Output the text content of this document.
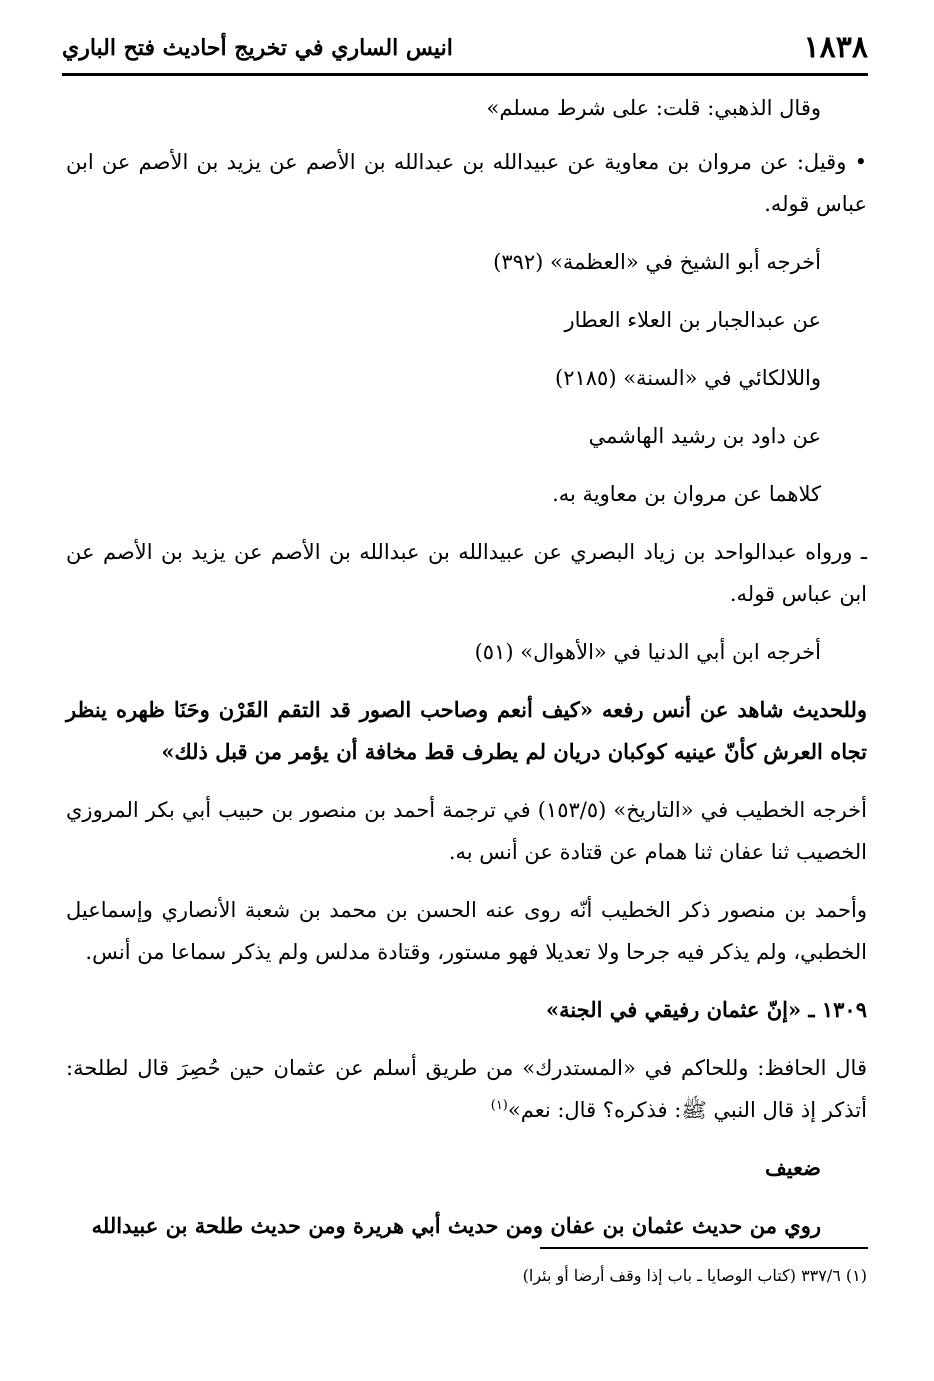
١٨٣٨
انيس الساري في تخريج أحاديث فتح الباري

وقال الذهبي: قلت: على شرط مسلم»

• وقيل: عن مروان بن معاوية عن عبيدالله بن عبدالله بن الأصم عن يزيد بن الأصم عن ابن عباس قوله.

أخرجه أبو الشيخ في «العظمة» (٣٩٢)

عن عبدالجبار بن العلاء العطار

واللالكائي في «السنة» (٢١٨٥)

عن داود بن رشيد الهاشمي

كلاهما عن مروان بن معاوية به.

ـ ورواه عبدالواحد بن زياد البصري عن عبيدالله بن عبدالله بن الأصم عن يزيد بن الأصم عن ابن عباس قوله.

أخرجه ابن أبي الدنيا في «الأهوال» (٥١)

وللحديث شاهد عن أنس رفعه «كيف أنعم وصاحب الصور قد التقم القَرْن وحَنَا ظهره ينظر تجاه العرش كأنّ عينيه كوكبان دريان لم يطرف قط مخافة أن يؤمر من قبل ذلك»

أخرجه الخطيب في «التاريخ» (١٥٣/٥) في ترجمة أحمد بن منصور بن حبيب أبي بكر المروزي الخصيب ثنا عفان ثنا همام عن قتادة عن أنس به.

وأحمد بن منصور ذكر الخطيب أنّه روى عنه الحسن بن محمد بن شعبة الأنصاري وإسماعيل الخطبي، ولم يذكر فيه جرحا ولا تعديلا فهو مستور، وقتادة مدلس ولم يذكر سماعا من أنس.

١٣٠٩ ـ «إنّ عثمان رفيقي في الجنة»

قال الحافظ: وللحاكم في «المستدرك» من طريق أسلم عن عثمان حين حُصِرَ قال لطلحة: أتذكر إذ قال النبي ﷺ: فذكره؟ قال: نعم»$^{(١)}$

ضعيف

روي من حديث عثمان بن عفان ومن حديث أبي هريرة ومن حديث طلحة بن عبيدالله

(١) ٣٣٧/٦ (كتاب الوصايا ـ باب إذا وقف أرضا أو بئرا)
